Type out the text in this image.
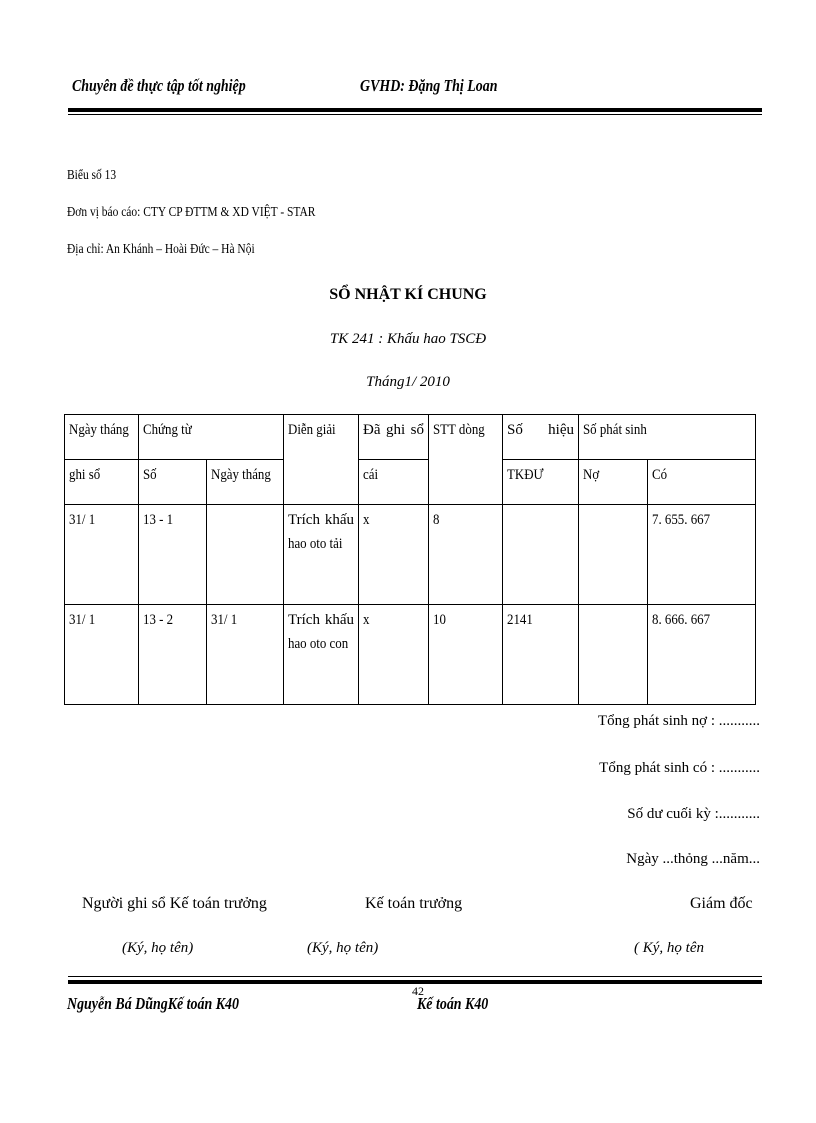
Chuyên đề thực tập tốt nghiệp	GVHD: Đặng Thị Loan
Biểu số 13
Đơn vị báo cáo: CTY CP ĐTTM & XD VIỆT - STAR
Địa chỉ: An Khánh – Hoài Đức – Hà Nội
SỔ NHẬT KÍ CHUNG
TK 241 : Khấu hao TSCĐ
Tháng1/ 2010
Ngày tháng	Chứng từ		Diễn giải	Đã ghi sổ	STT dòng	Số hiệu	Số phát sinh	
ghi sổ	Số	Ngày tháng		cái		TKĐƯ	Nợ	Có
31/ 1	13 - 1		Trích khấu
hao oto tải	x	8			7. 655. 667
31/ 1	13 - 2	31/ 1	Trích khấu
hao oto con	x	10	2141		8. 666. 667
Tổng phát sinh nợ : ...........
Tổng phát sinh có : ...........
Số dư cuối kỳ :...........
Ngày ...thỏng ...năm...
Người ghi sổ Kế toán trưởng	Kế toán trưởng	Giám đốc
(Ký, họ tên)	(Ký, họ tên)	( Ký, họ tên
Nguyễn Bá DũngKế toán K40
42
Kế toán K40
